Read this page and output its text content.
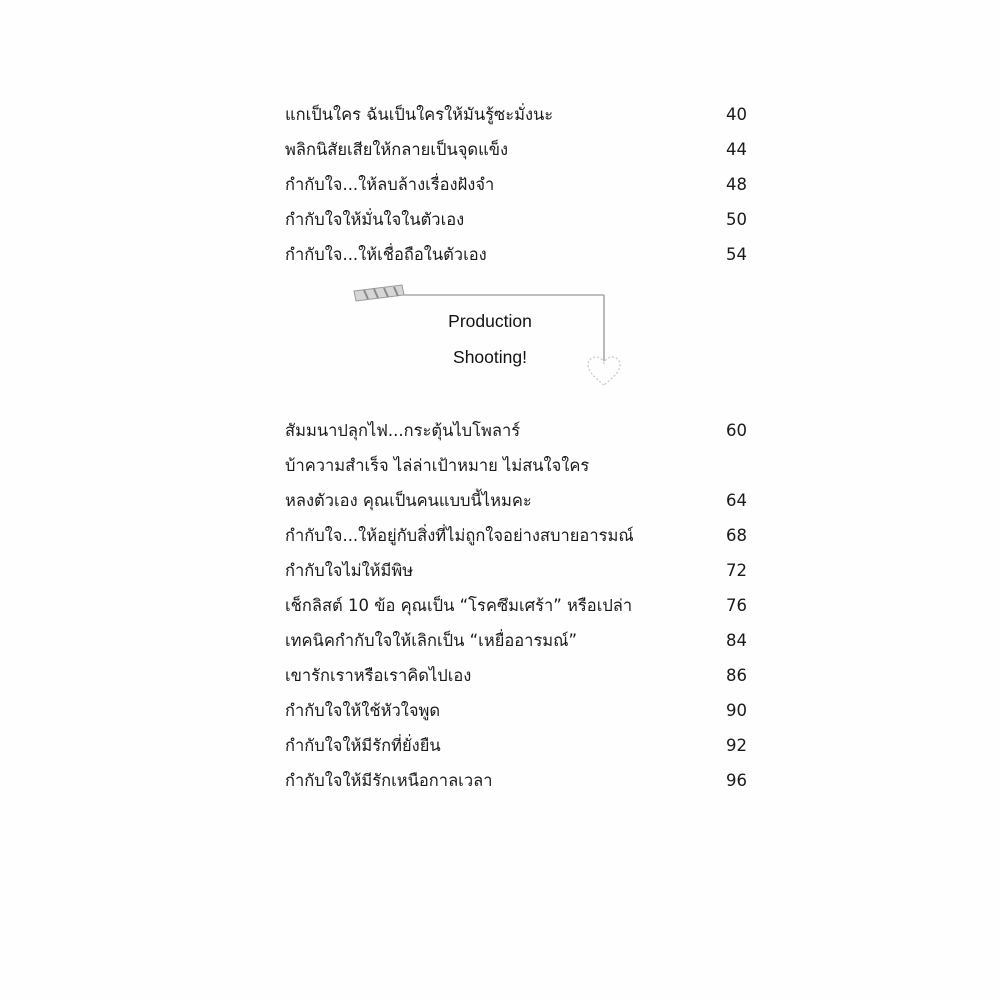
แกเป็นใคร ฉันเป็นใครให้มันรู้ซะมั่งนะ	40
พลิกนิสัยเสียให้กลายเป็นจุดแข็ง	44
กำกับใจ...ให้ลบล้างเรื่องฝังจำ	48
กำกับใจให้มั่นใจในตัวเอง	50
กำกับใจ...ให้เชื่อถือในตัวเอง	54
Production
Shooting!
สัมมนาปลุกไฟ...กระตุ้นไบโพลาร์	60
บ้าความสำเร็จ ไล่ล่าเป้าหมาย ไม่สนใจใคร
หลงตัวเอง คุณเป็นคนแบบนี้ไหมคะ	64
กำกับใจ...ให้อยู่กับสิ่งที่ไม่ถูกใจอย่างสบายอารมณ์	68
กำกับใจไม่ให้มีพิษ	72
เช็กลิสต์ 10 ข้อ คุณเป็น “โรคซึมเศร้า” หรือเปล่า	76
เทคนิคกำกับใจให้เลิกเป็น “เหยื่ออารมณ์”	84
เขารักเราหรือเราคิดไปเอง	86
กำกับใจให้ใช้หัวใจพูด	90
กำกับใจให้มีรักที่ยั่งยืน	92
กำกับใจให้มีรักเหนือกาลเวลา	96
